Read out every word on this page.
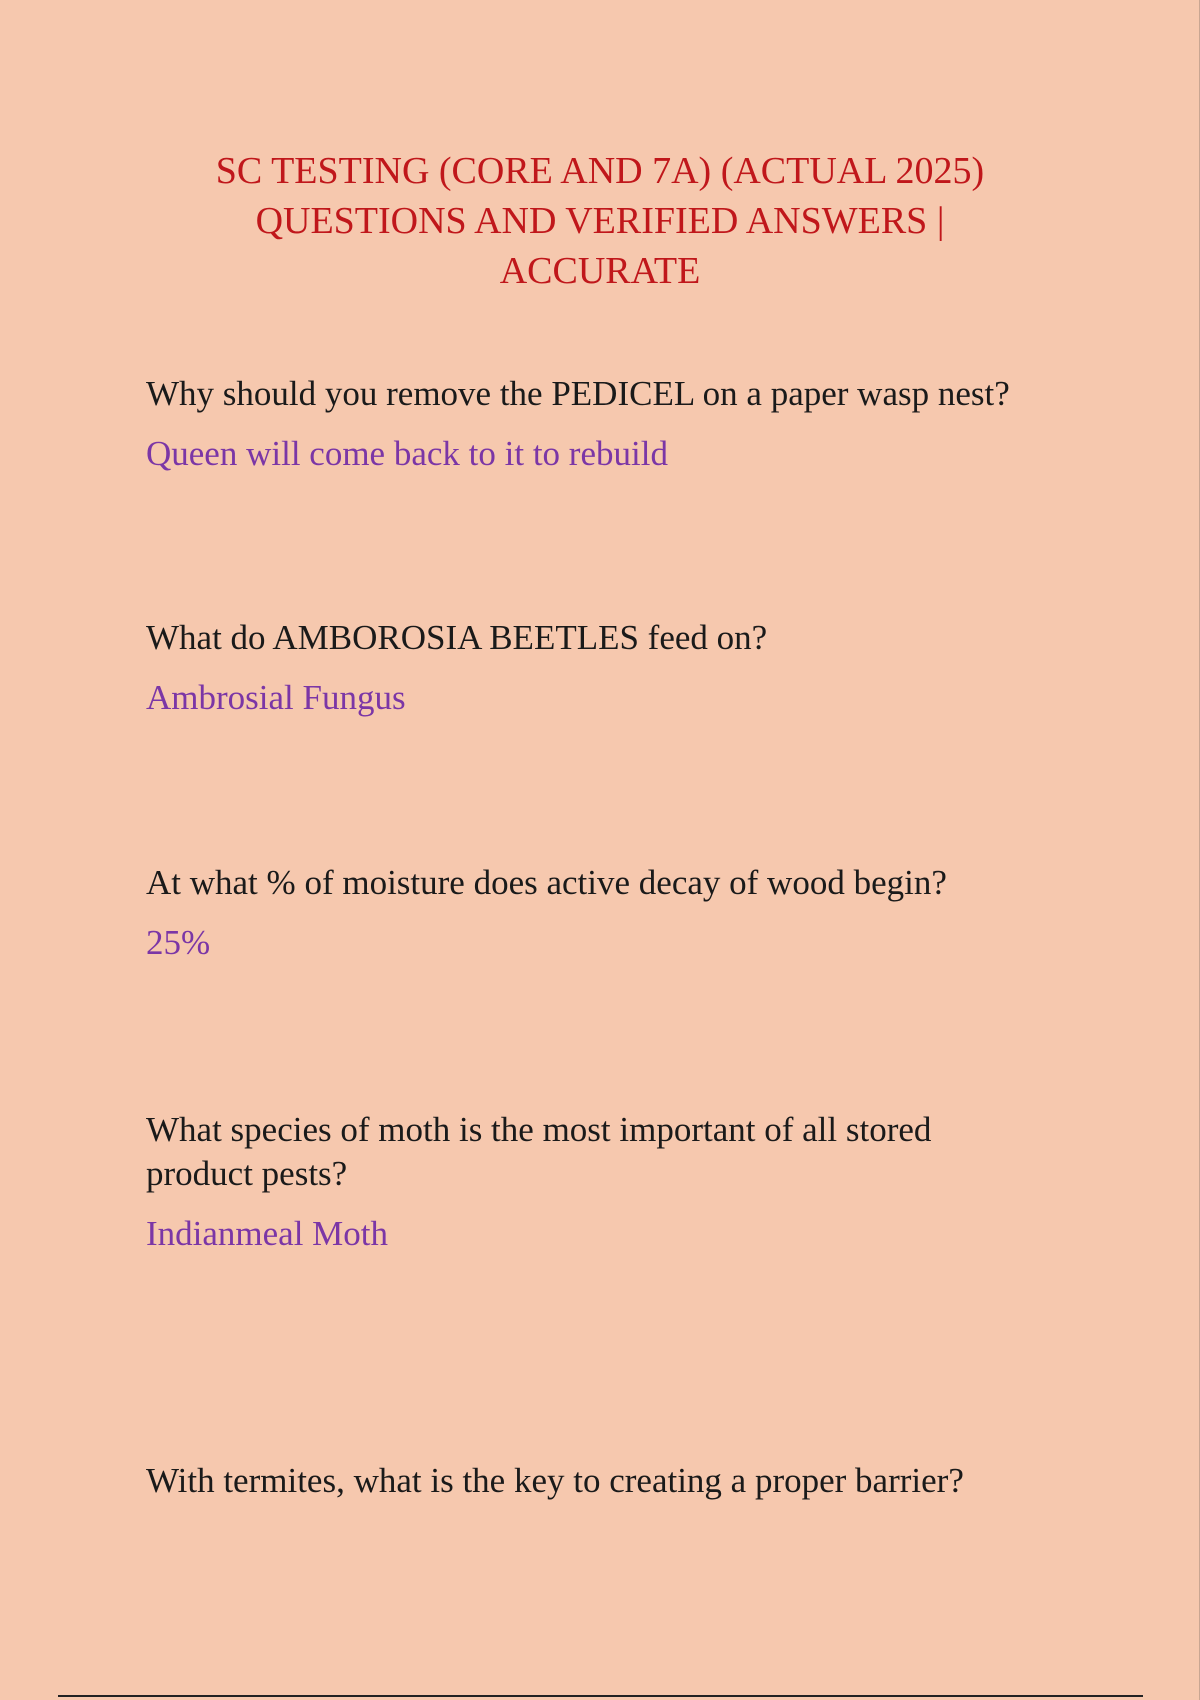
SC TESTING (CORE AND 7A) (ACTUAL 2025)
QUESTIONS AND VERIFIED ANSWERS |
ACCURATE
Why should you remove the PEDICEL on a paper wasp nest?
Queen will come back to it to rebuild
What do AMBOROSIA BEETLES feed on?
Ambrosial Fungus
At what % of moisture does active decay of wood begin?
25%
What species of moth is the most important of all stored product pests?
Indianmeal Moth
With termites, what is the key to creating a proper barrier?
